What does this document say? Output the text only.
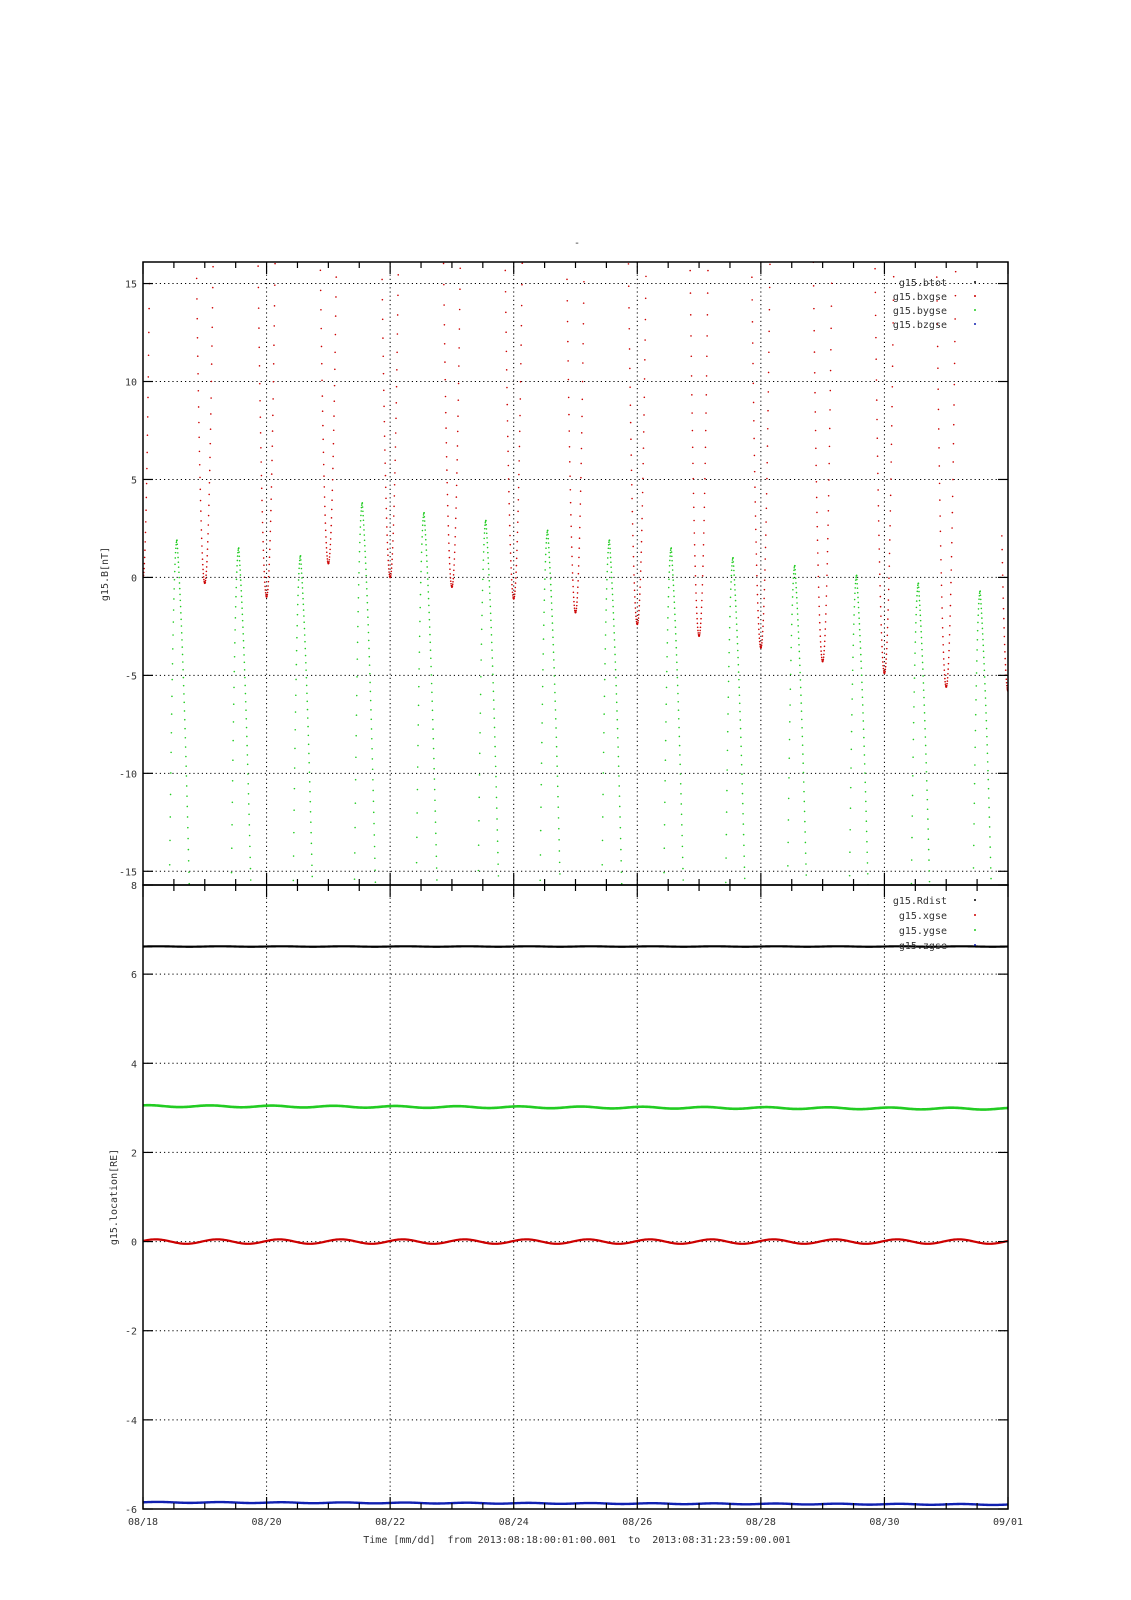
-
15
10
5
0
-5
-10
-15
g15.B[nT]
g15.btot
g15.bxgse
g15.bygse
g15.bzgse
8
6
4
2
0
-2
-4
-6
g15.location[RE]
g15.Rdist
g15.xgse
g15.ygse
g15.zgse
08/18	08/20	08/22	08/24	08/26	08/28	08/30	09/01
Time [mm/dd]  from 2013:08:18:00:01:00.001  to  2013:08:31:23:59:00.001
